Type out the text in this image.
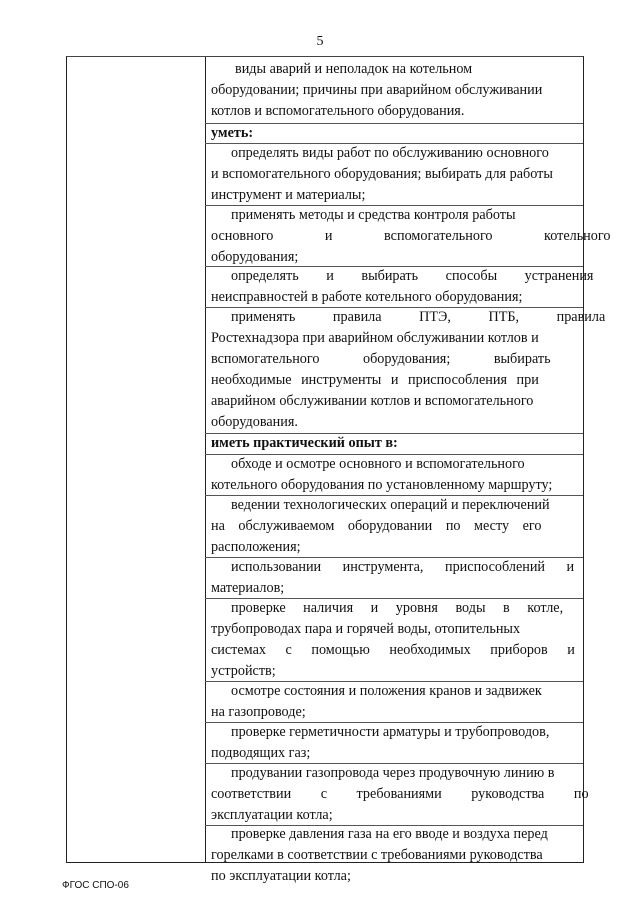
5
виды аварий и неполадок на котельном
оборудовании; причины при аварийном обслуживании
котлов и вспомогательного оборудования.
уметь:
определять виды работ по обслуживанию основного
и вспомогательного оборудования; выбирать для работы
инструмент и материалы;
применять методы и средства контроля работы
основного и вспомогательного котельного
оборудования;
определять и выбирать способы устранения
неисправностей в работе котельного оборудования;
применять правила ПТЭ, ПТБ, правила
Ростехнадзора при аварийном обслуживании котлов и
вспомогательного оборудования; выбирать
необходимые инструменты и приспособления при
аварийном обслуживании котлов и вспомогательного
оборудования.
иметь практический опыт в:
обходе и осмотре основного и вспомогательного
котельного оборудования по установленному маршруту;
ведении технологических операций и переключений
на обслуживаемом оборудовании по месту его
расположения;
использовании инструмента, приспособлений и
материалов;
проверке наличия и уровня воды в котле,
трубопроводах пара и горячей воды, отопительных
системах с помощью необходимых приборов и
устройств;
осмотре состояния и положения кранов и задвижек
на газопроводе;
проверке герметичности арматуры и трубопроводов,
подводящих газ;
продувании газопровода через продувочную линию в
соответствии с требованиями руководства по
эксплуатации котла;
проверке давления газа на его вводе и воздуха перед
горелками в соответствии с требованиями руководства
по эксплуатации котла;
ФГОС СПО-06
